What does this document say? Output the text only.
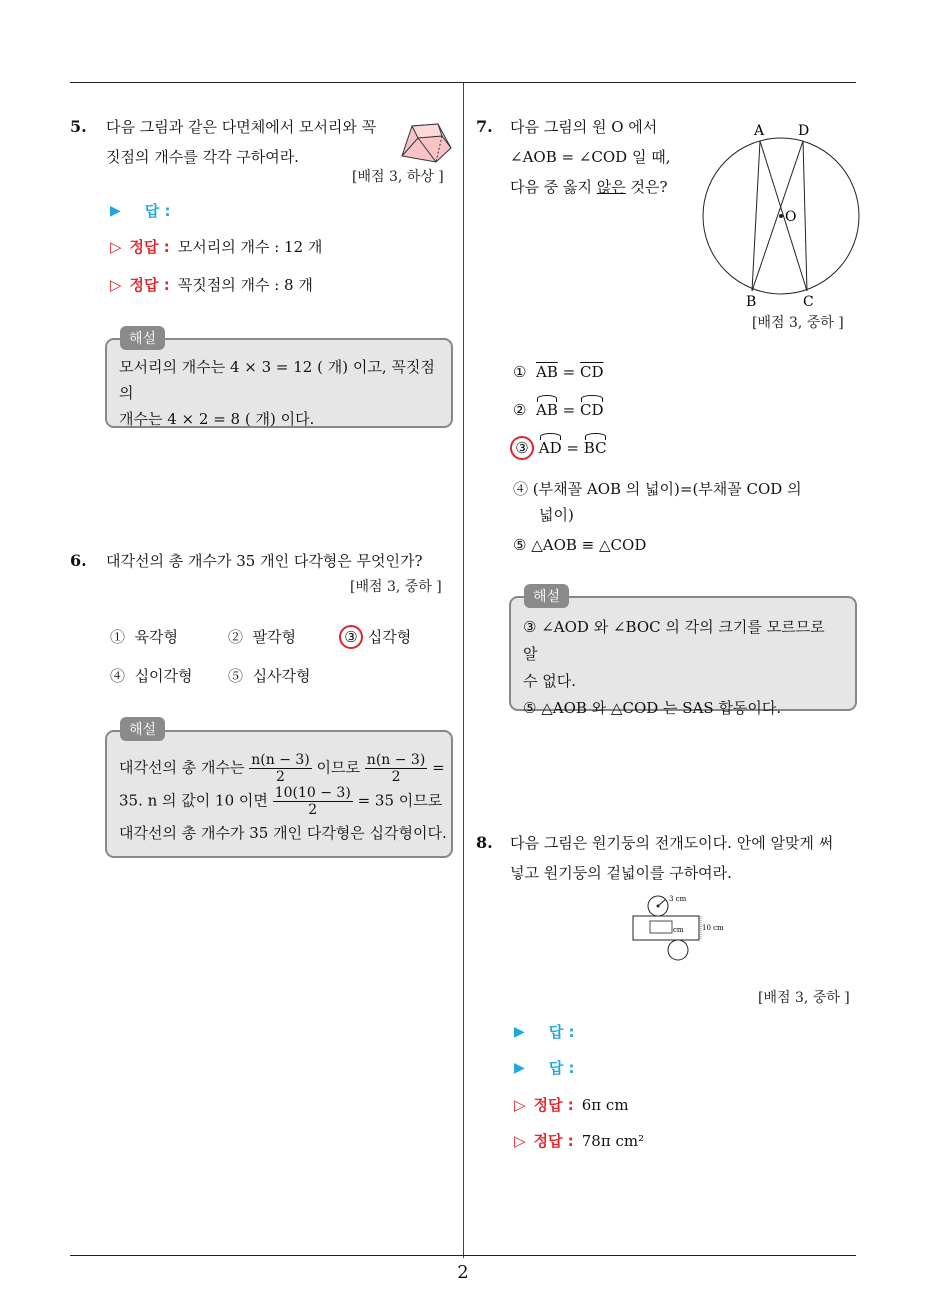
5. 다음 그림과 같은 다면체에서 모서리와 꼭
짓점의 개수를 각각 구하여라.
[배점 3, 하상 ]
▶ 답 :
▷ 정답 : 모서리의 개수 : 12 개
▷ 정답 : 꼭짓점의 개수 : 8 개
모서리의 개수는 4 × 3 = 12 ( 개) 이고, 꼭짓점의
개수는 4 × 2 = 8 ( 개) 이다.
해설
6. 대각선의 총 개수가 35 개인 다각형은 무엇인가?
[배점 3, 중하 ]
① 육각형	② 팔각형	③ 십각형
④ 십이각형 ⑤ 십사각형
대각선의 총 개수는 $\frac{n(n - 3)}{2}$ 이므로 $\frac{n(n - 3)}{2}$ =
35. n 의 값이 10 이면 $\frac{10(10 - 3)}{2} = 35$ 이므로
대각선의 총 개수가 35 개인 다각형은 십각형이다.
해설
7. 다음 그림의 원 O 에서
∠AOB = ∠COD 일 때,
다음 중 옳지 않은 것은?
A D
O
B	C
[배점 3, 중하 ]
① $\overline{AB} = \overline{CD}$
② AB = CD
③ AD = BC
④ (부채꼴 AOB 의 넓이)=(부채꼴 COD 의
넓이)
⑤ △AOB ≡ △COD
③ ∠AOD 와 ∠BOC 의 각의 크기를 모르므로 알
수 없다.
⑤ △AOB 와 △COD 는 SAS 합동이다.
해설
8. 다음 그림은 원기둥의 전개도이다. 안에 알맞게 써
넣고 원기둥의 겉넓이를 구하여라.
3 cm
cm	10 cm
[배점 3, 중하 ]
▶ 답 :
▶ 답 :
▷ 정답 : 6π cm
▷ 정답 : 78π cm²
2
